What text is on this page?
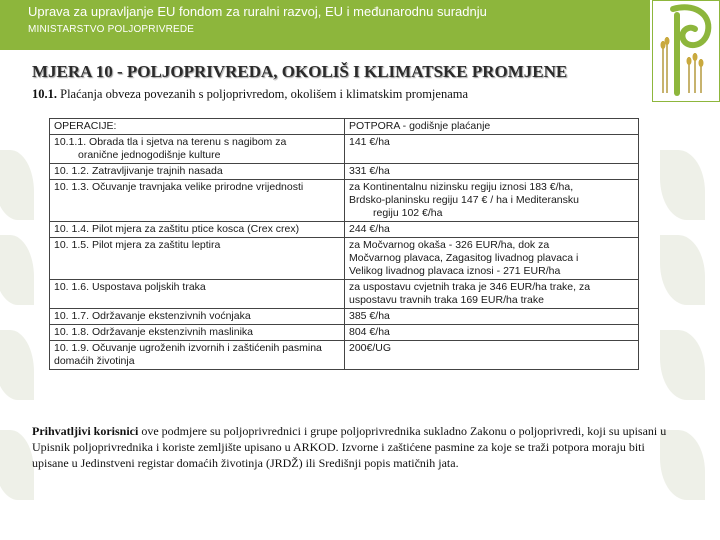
Uprava za upravljanje EU fondom za ruralni razvoj, EU i međunarodnu suradnju
MINISTARSTVO POLJOPRIVREDE
MJERA 10 - POLJOPRIVREDA, OKOLIŠ I KLIMATSKE PROMJENE
10.1. Plaćanja obveza povezanih s poljoprivredom, okolišem i klimatskim promjenama
OPERACIJE:	POTPORA - godišnje plaćanje
10.1.1. Obrada tla i sjetva na terenu s nagibom za
oranične jednogodišnje kulture	141 €/ha
10. 1.2. Zatravljivanje trajnih nasada	331 €/ha
10. 1.3. Očuvanje travnjaka velike prirodne vrijednosti	za Kontinentalnu nizinsku regiju iznosi 183 €/ha,
Brdsko-planinsku regiju 147 € / ha i Mediteransku

regiju 102 €/ha

10. 1.4. Pilot mjera za zaštitu ptice kosca (Crex crex)	244 €/ha
10. 1.5. Pilot mjera za zaštitu leptira	za Močvarnog okaša - 326 EUR/ha, dok za
Močvarnog plavaca, Zagasitog livadnog plavaca i
Velikog livadnog plavaca iznosi - 271 EUR/ha
10. 1.6. Uspostava poljskih traka	za uspostavu cvjetnih traka je 346 EUR/ha trake, za
uspostavu travnih traka 169 EUR/ha trake
10. 1.7. Održavanje ekstenzivnih voćnjaka	385 €/ha
10. 1.8. Održavanje ekstenzivnih maslinika	804 €/ha
10. 1.9. Očuvanje ugroženih izvornih i zaštićenih pasmina domaćih životinja	200€/UG
Prihvatljivi korisnici ove podmjere su poljoprivrednici i grupe poljoprivrednika sukladno Zakonu o poljoprivredi, koji su upisani u Upisnik poljoprivrednika i koriste zemljište upisano u ARKOD. Izvorne i zaštićene pasmine za koje se traži potpora moraju biti upisane u Jedinstveni registar domaćih životinja (JRDŽ) ili Središnji popis matičnih jata.
